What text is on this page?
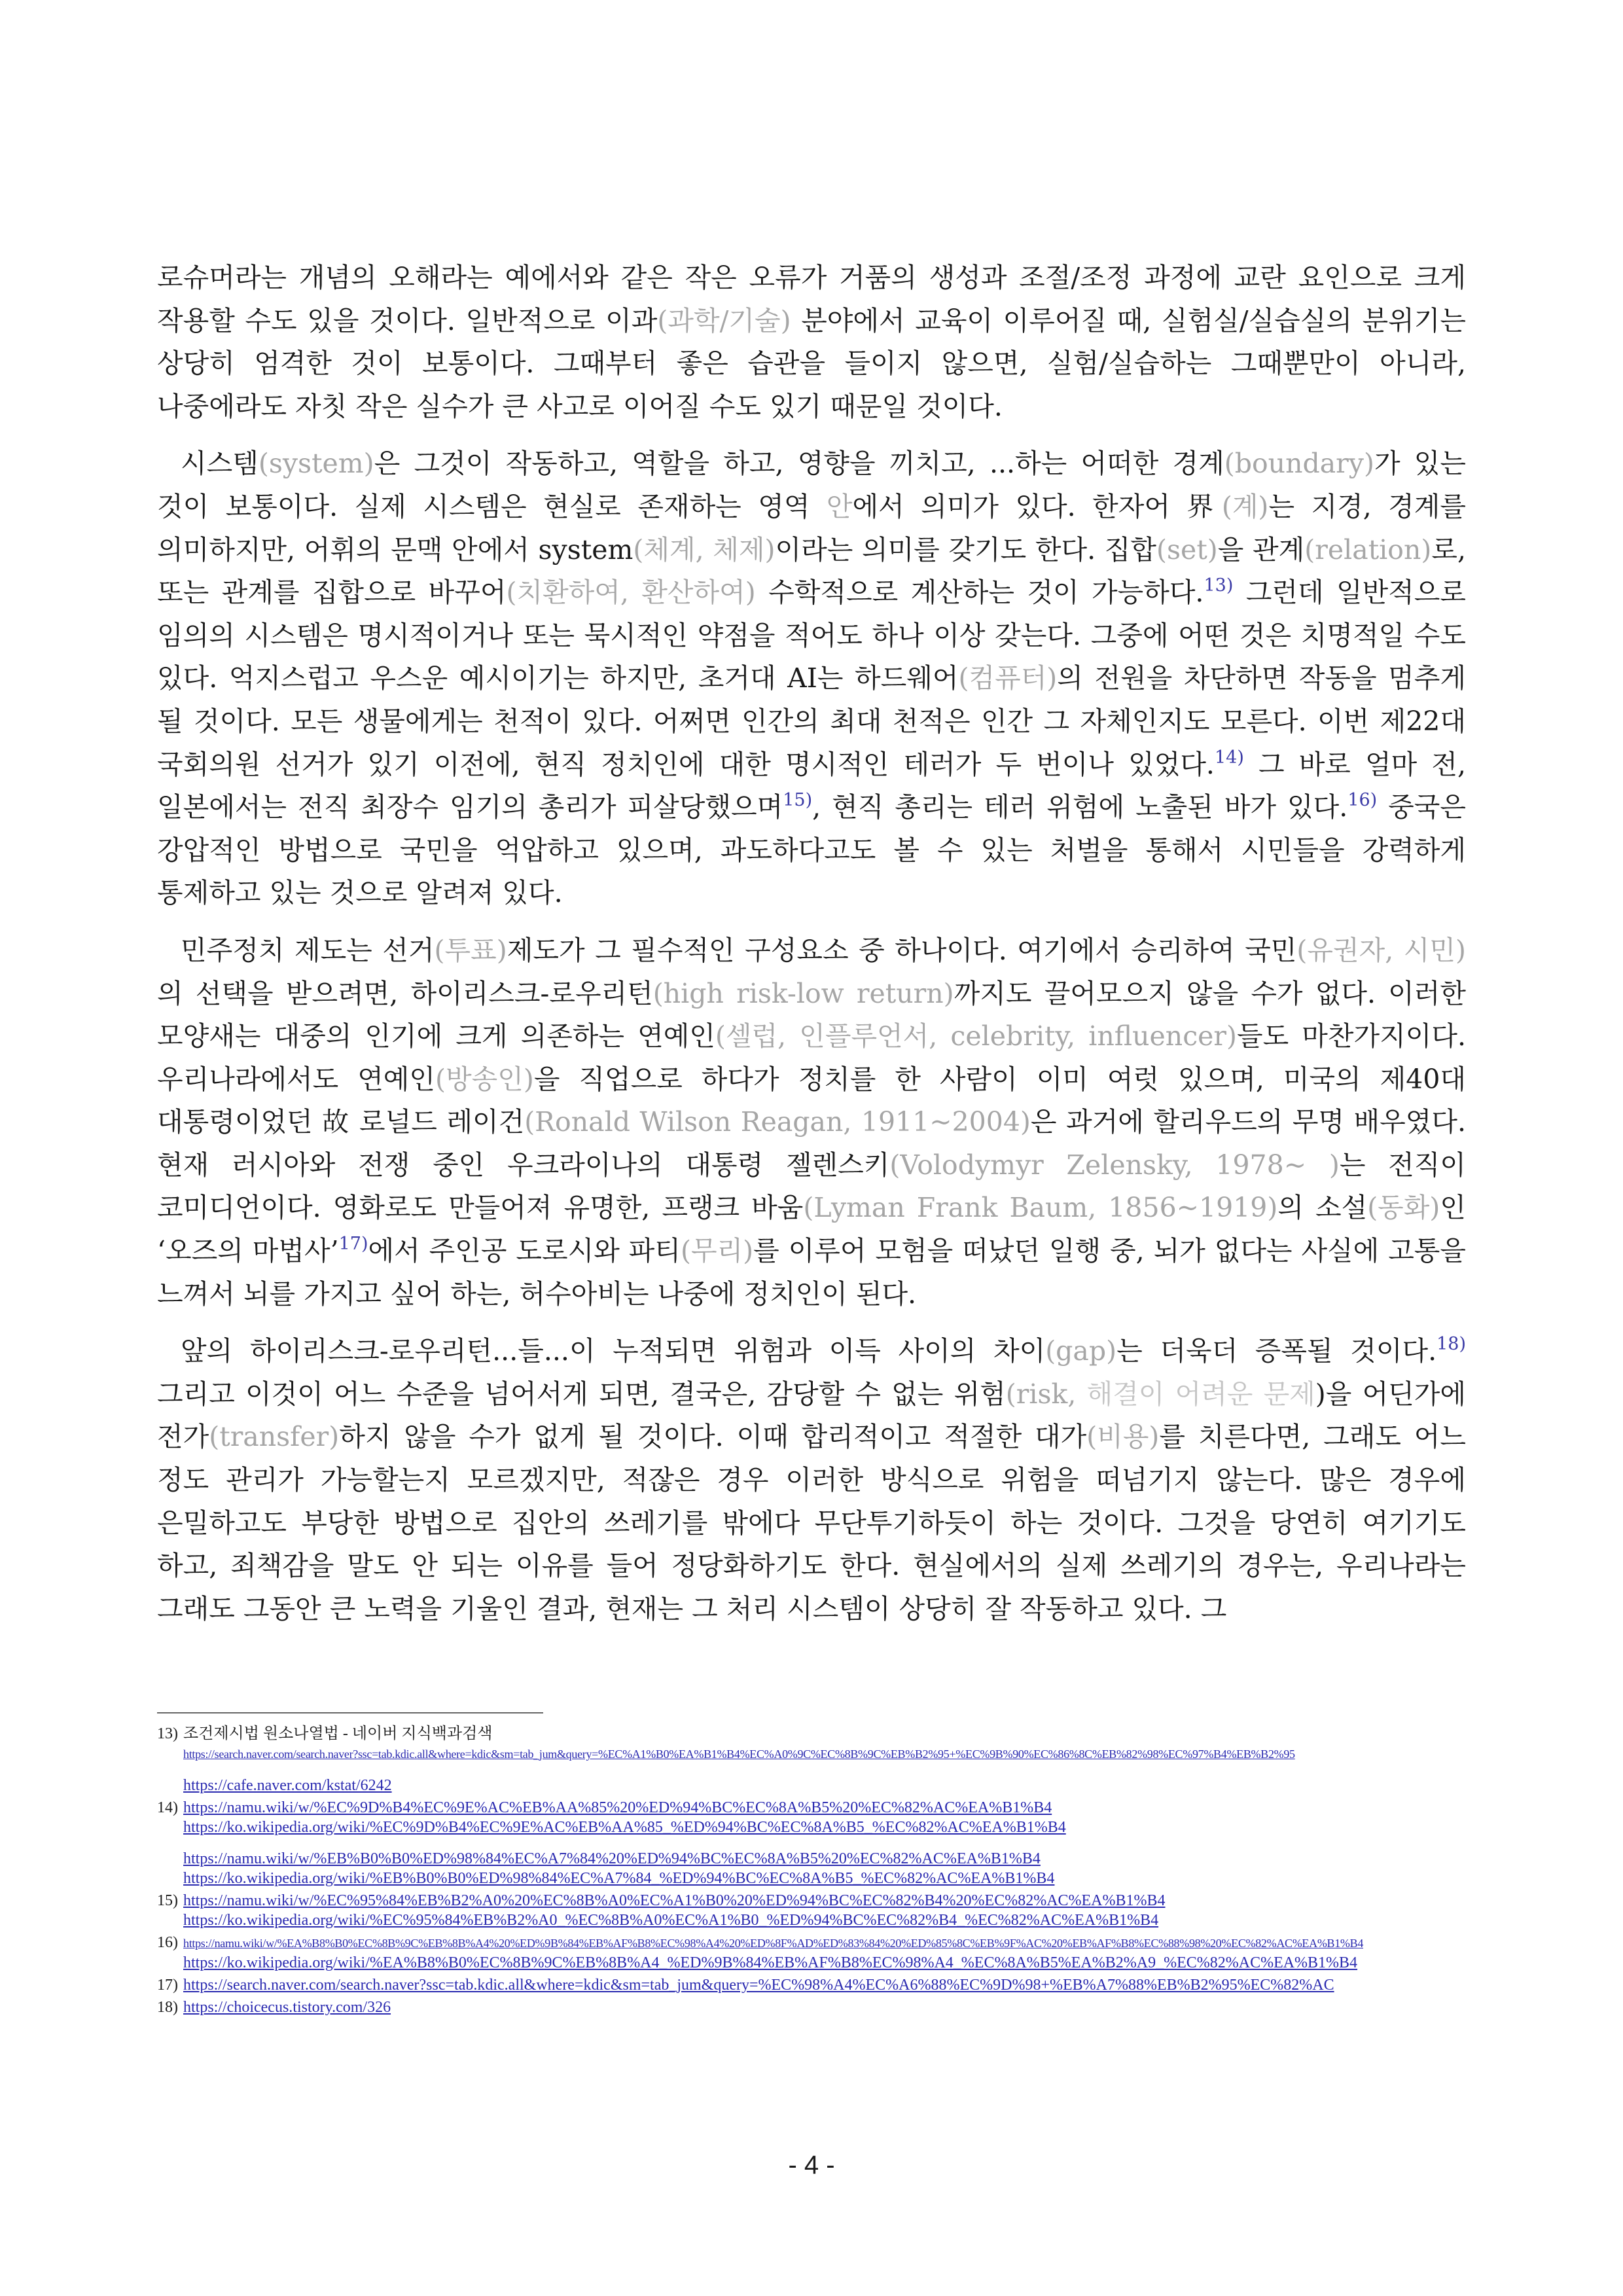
로슈머라는 개념의 오해라는 예에서와 같은 작은 오류가 거품의 생성과 조절/조정 과정에 교란 요인으로 크게 작용할 수도 있을 것이다. 일반적으로 이과(과학/기술) 분야에서 교육이 이루어질 때, 실험실/실습실의 분위기는 상당히 엄격한 것이 보통이다. 그때부터 좋은 습관을 들이지 않으면, 실험/실습하는 그때뿐만이 아니라, 나중에라도 자칫 작은 실수가 큰 사고로 이어질 수도 있기 때문일 것이다.

시스템(system)은 그것이 작동하고, 역할을 하고, 영향을 끼치고, ...하는 어떠한 경계(boundary)가 있는 것이 보통이다. 실제 시스템은 현실로 존재하는 영역 안에서 의미가 있다. 한자어 界(계)는 지경, 경계를 의미하지만, 어휘의 문맥 안에서 system(체계, 체제)이라는 의미를 갖기도 한다. 집합(set)을 관계(relation)로, 또는 관계를 집합으로 바꾸어(치환하여, 환산하여) 수학적으로 계산하는 것이 가능하다.$^{13)}$ 그런데 일반적으로 임의의 시스템은 명시적이거나 또는 묵시적인 약점을 적어도 하나 이상 갖는다. 그중에 어떤 것은 치명적일 수도 있다. 억지스럽고 우스운 예시이기는 하지만, 초거대 AI는 하드웨어(컴퓨터)의 전원을 차단하면 작동을 멈추게 될 것이다. 모든 생물에게는 천적이 있다. 어쩌면 인간의 최대 천적은 인간 그 자체인지도 모른다. 이번 제22대 국회의원 선거가 있기 이전에, 현직 정치인에 대한 명시적인 테러가 두 번이나 있었다.$^{14)}$ 그 바로 얼마 전, 일본에서는 전직 최장수 임기의 총리가 피살당했으며$^{15)}$, 현직 총리는 테러 위험에 노출된 바가 있다.$^{16)}$ 중국은 강압적인 방법으로 국민을 억압하고 있으며, 과도하다고도 볼 수 있는 처벌을 통해서 시민들을 강력하게 통제하고 있는 것으로 알려져 있다.

민주정치 제도는 선거(투표)제도가 그 필수적인 구성요소 중 하나이다. 여기에서 승리하여 국민(유권자, 시민)의 선택을 받으려면, 하이리스크-로우리턴(high risk-low return)까지도 끌어모으지 않을 수가 없다. 이러한 모양새는 대중의 인기에 크게 의존하는 연예인(셀럽, 인플루언서, celebrity, influencer)들도 마찬가지이다. 우리나라에서도 연예인(방송인)을 직업으로 하다가 정치를 한 사람이 이미 여럿 있으며, 미국의 제40대 대통령이었던 故 로널드 레이건(Ronald Wilson Reagan, 1911~2004)은 과거에 할리우드의 무명 배우였다. 현재 러시아와 전쟁 중인 우크라이나의 대통령 젤렌스키(Volodymyr Zelensky, 1978~ )는 전직이 코미디언이다. 영화로도 만들어져 유명한, 프랭크 바움(Lyman Frank Baum, 1856~1919)의 소설(동화)인 ‘오즈의 마법사’$^{17)}$에서 주인공 도로시와 파티(무리)를 이루어 모험을 떠났던 일행 중, 뇌가 없다는 사실에 고통을 느껴서 뇌를 가지고 싶어 하는, 허수아비는 나중에 정치인이 된다.

앞의 하이리스크-로우리턴...들...이 누적되면 위험과 이득 사이의 차이(gap)는 더욱더 증폭될 것이다.$^{18)}$ 그리고 이것이 어느 수준을 넘어서게 되면, 결국은, 감당할 수 없는 위험(risk, 해결이 어려운 문제)을 어딘가에 전가(transfer)하지 않을 수가 없게 될 것이다. 이때 합리적이고 적절한 대가(비용)를 치른다면, 그래도 어느 정도 관리가 가능할는지 모르겠지만, 적잖은 경우 이러한 방식으로 위험을 떠넘기지 않는다. 많은 경우에 은밀하고도 부당한 방법으로 집안의 쓰레기를 밖에다 무단투기하듯이 하는 것이다. 그것을 당연히 여기기도 하고, 죄책감을 말도 안 되는 이유를 들어 정당화하기도 한다. 현실에서의 실제 쓰레기의 경우는, 우리나라는 그래도 그동안 큰 노력을 기울인 결과, 현재는 그 처리 시스템이 상당히 잘 작동하고 있다. 그

13) 조건제시법 원소나열법 - 네이버 지식백과검색
https://search.naver.com/search.naver?ssc=tab.kdic.all&where=kdic&sm=tab_jum&query=%EC%A1%B0%EA%B1%B4%EC%A0%9C%EC%8B%9C%EB%B2%95+%EC%9B%90%EC%86%8C%EB%82%98%EC%97%B4%EB%B2%95
https://cafe.naver.com/kstat/6242
14) https://namu.wiki/w/%EC%9D%B4%EC%9E%AC%EB%AA%85%20%ED%94%BC%EC%8A%B5%20%EC%82%AC%EA%B1%B4
https://ko.wikipedia.org/wiki/%EC%9D%B4%EC%9E%AC%EB%AA%85_%ED%94%BC%EC%8A%B5_%EC%82%AC%EA%B1%B4
https://namu.wiki/w/%EB%B0%B0%ED%98%84%EC%A7%84%20%ED%94%BC%EC%8A%B5%20%EC%82%AC%EA%B1%B4
https://ko.wikipedia.org/wiki/%EB%B0%B0%ED%98%84%EC%A7%84_%ED%94%BC%EC%8A%B5_%EC%82%AC%EA%B1%B4
15) https://namu.wiki/w/%EC%95%84%EB%B2%A0%20%EC%8B%A0%EC%A1%B0%20%ED%94%BC%EC%82%B4%20%EC%82%AC%EA%B1%B4
https://ko.wikipedia.org/wiki/%EC%95%84%EB%B2%A0_%EC%8B%A0%EC%A1%B0_%ED%94%BC%EC%82%B4_%EC%82%AC%EA%B1%B4
16) https://namu.wiki/w/%EA%B8%B0%EC%8B%9C%EB%8B%A4%20%ED%9B%84%EB%AF%B8%EC%98%A4%20%ED%8F%AD%ED%83%84%20%ED%85%8C%EB%9F%AC%20%EB%AF%B8%EC%88%98%20%EC%82%AC%EA%B1%B4
https://ko.wikipedia.org/wiki/%EA%B8%B0%EC%8B%9C%EB%8B%A4_%ED%9B%84%EB%AF%B8%EC%98%A4_%EC%8A%B5%EA%B2%A9_%EC%82%AC%EA%B1%B4
17) https://search.naver.com/search.naver?ssc=tab.kdic.all&where=kdic&sm=tab_jum&query=%EC%98%A4%EC%A6%88%EC%9D%98+%EB%A7%88%EB%B2%95%EC%82%AC
18) https://choicecus.tistory.com/326
- 4 -
